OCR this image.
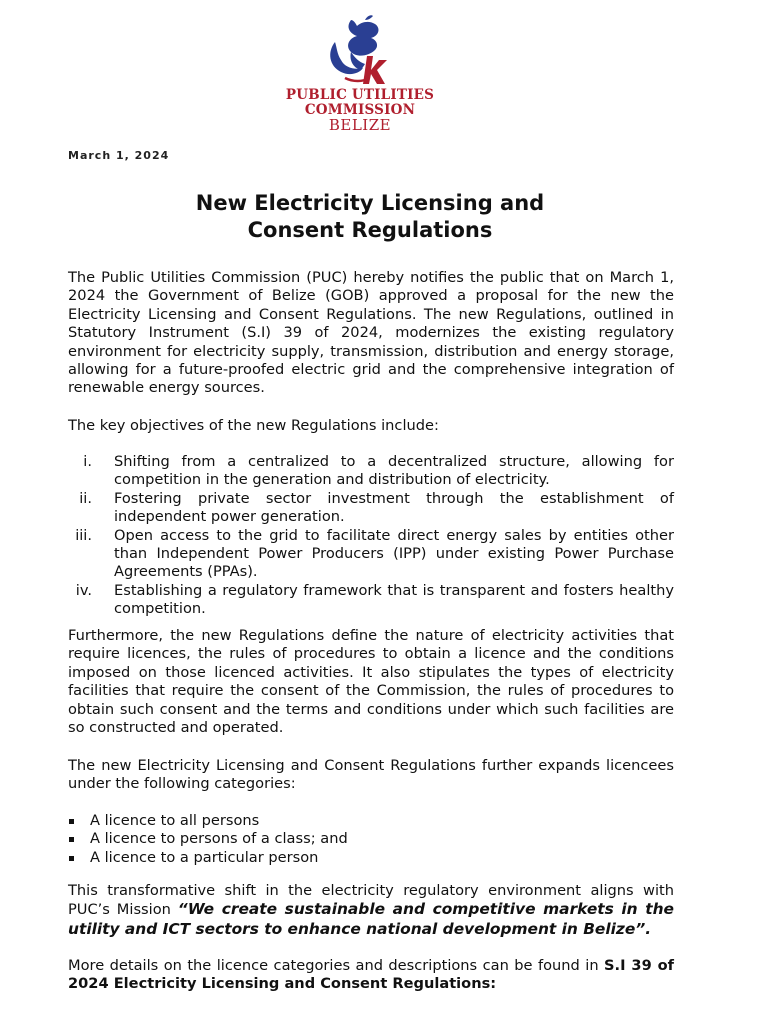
PUBLIC UTILITIES
COMMISSION
BELIZE
March 1, 2024
New Electricity Licensing and
Consent Regulations

The Public Utilities Commission (PUC) hereby notifies the public that on March 1, 2024 the Government of Belize (GOB) approved a proposal for the new the Electricity Licensing and Consent Regulations. The new Regulations, outlined in Statutory Instrument (S.I) 39 of 2024, modernizes the existing regulatory environment for electricity supply, transmission, distribution and energy storage, allowing for a future-proofed electric grid and the comprehensive integration of renewable energy sources.

The key objectives of the new Regulations include:

i. Shifting from a centralized to a decentralized structure, allowing for competition in the generation and distribution of electricity.
ii. Fostering private sector investment through the establishment of independent power generation.
iii. Open access to the grid to facilitate direct energy sales by entities other than Independent Power Producers (IPP) under existing Power Purchase Agreements (PPAs).
iv. Establishing a regulatory framework that is transparent and fosters healthy competition.

Furthermore, the new Regulations define the nature of electricity activities that require licences, the rules of procedures to obtain a licence and the conditions imposed on those licenced activities. It also stipulates the types of electricity facilities that require the consent of the Commission, the rules of procedures to obtain such consent and the terms and conditions under which such facilities are so constructed and operated.

The new Electricity Licensing and Consent Regulations further expands licencees under the following categories:

A licence to all persons
A licence to persons of a class; and
A licence to a particular person

This transformative shift in the electricity regulatory environment aligns with PUC’s Mission “We create sustainable and competitive markets in the utility and ICT sectors to enhance national development in Belize”.

More details on the licence categories and descriptions can be found in S.I 39 of 2024 Electricity Licensing and Consent Regulations:
